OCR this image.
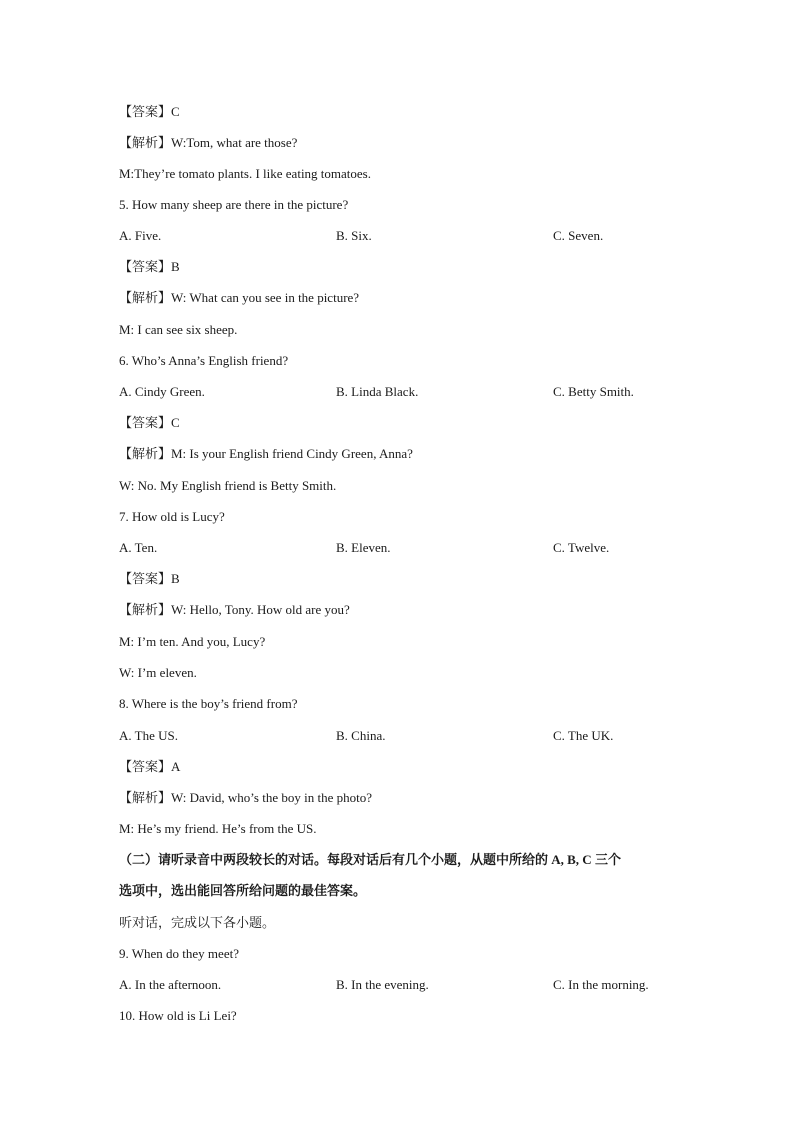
【答案】C
【解析】W:Tom, what are those?
M:They’re tomato plants. I like eating tomatoes.
5. How many sheep are there in the picture?
A. Five.	B. Six.	C. Seven.
【答案】B
【解析】W: What can you see in the picture?
M: I can see six sheep.
6. Who’s Anna’s English friend?
A. Cindy Green.	B. Linda Black.	C. Betty Smith.
【答案】C
【解析】M: Is your English friend Cindy Green, Anna?
W: No. My English friend is Betty Smith.
7. How old is Lucy?
A. Ten.	B. Eleven.	C. Twelve.
【答案】B
【解析】W: Hello, Tony. How old are you?
M: I’m ten. And you, Lucy?
W: I’m eleven.
8. Where is the boy’s friend from?
A. The US.	B. China.	C. The UK.
【答案】A
【解析】W: David, who’s the boy in the photo?
M: He’s my friend. He’s from the US.
（二）请听录音中两段较长的对话。每段对话后有几个小题，从题中所给的 A, B, C 三个
选项中，选出能回答所给问题的最佳答案。
听对话，完成以下各小题。
9. When do they meet?
A. In the afternoon.	B. In the evening.	C. In the morning.
10. How old is Li Lei?
